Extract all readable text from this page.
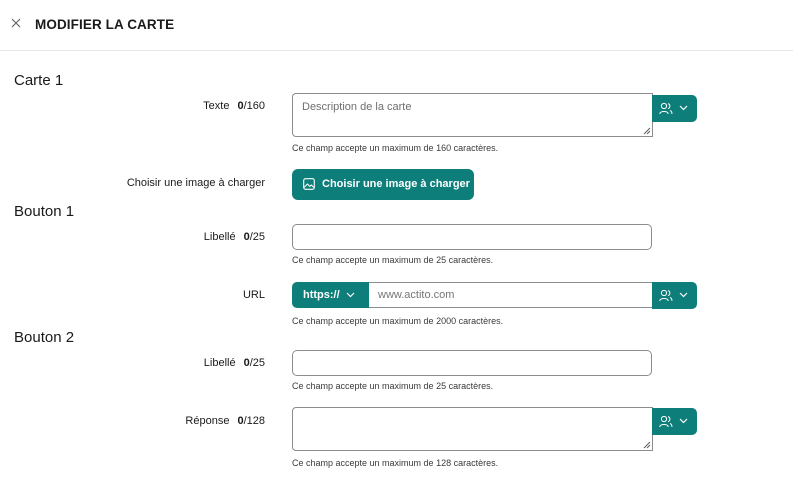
MODIFIER LA CARTE
Carte 1
Texte 0/160
Description de la carte
Ce champ accepte un maximum de 160 caractères.
Choisir une image à charger	Choisir une image à charger
Bouton 1
Libellé 0/25
Ce champ accepte un maximum de 25 caractères.
URL	https://
www.actito.com
Ce champ accepte un maximum de 2000 caractères.
Bouton 2
Libellé 0/25
Ce champ accepte un maximum de 25 caractères.
Réponse 0/128
Ce champ accepte un maximum de 128 caractères.
